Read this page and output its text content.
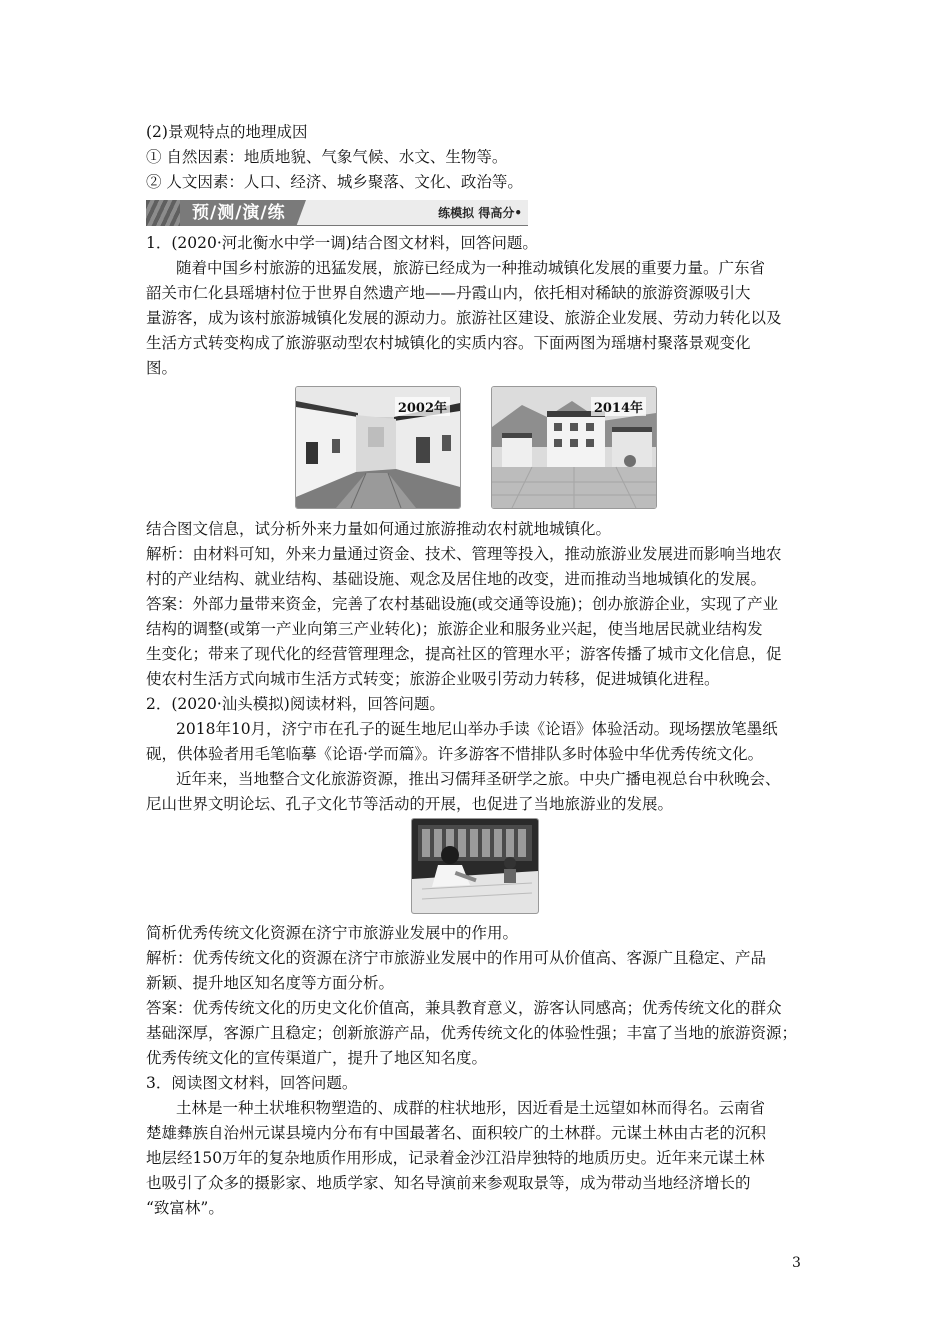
(2)景观特点的地理成因
① 自然因素：地质地貌、气象气候、水文、生物等。
② 人文因素：人口、经济、城乡聚落、文化、政治等。
预/测/演/练	练模拟 得高分•
1．(2020·河北衡水中学一调)结合图文材料，回答问题。
随着中国乡村旅游的迅猛发展，旅游已经成为一种推动城镇化发展的重要力量。广东省
韶关市仁化县瑶塘村位于世界自然遗产地——丹霞山内，依托相对稀缺的旅游资源吸引大
量游客，成为该村旅游城镇化发展的源动力。旅游社区建设、旅游企业发展、劳动力转化以及
生活方式转变构成了旅游驱动型农村城镇化的实质内容。下面两图为瑶塘村聚落景观变化
图。
2002年	2014年
结合图文信息，试分析外来力量如何通过旅游推动农村就地城镇化。
解析：由材料可知，外来力量通过资金、技术、管理等投入，推动旅游业发展进而影响当地农
村的产业结构、就业结构、基础设施、观念及居住地的改变，进而推动当地城镇化的发展。
答案：外部力量带来资金，完善了农村基础设施(或交通等设施)；创办旅游企业，实现了产业
结构的调整(或第一产业向第三产业转化)；旅游企业和服务业兴起，使当地居民就业结构发
生变化；带来了现代化的经营管理理念，提高社区的管理水平；游客传播了城市文化信息，促
使农村生活方式向城市生活方式转变；旅游企业吸引劳动力转移，促进城镇化进程。
2．(2020·汕头模拟)阅读材料，回答问题。
2018年10月，济宁市在孔子的诞生地尼山举办手读《论语》体验活动。现场摆放笔墨纸
砚，供体验者用毛笔临摹《论语·学而篇》。许多游客不惜排队多时体验中华优秀传统文化。
近年来，当地整合文化旅游资源，推出习儒拜圣研学之旅。中央广播电视总台中秋晚会、
尼山世界文明论坛、孔子文化节等活动的开展，也促进了当地旅游业的发展。
简析优秀传统文化资源在济宁市旅游业发展中的作用。
解析：优秀传统文化的资源在济宁市旅游业发展中的作用可从价值高、客源广且稳定、产品
新颖、提升地区知名度等方面分析。
答案：优秀传统文化的历史文化价值高，兼具教育意义，游客认同感高；优秀传统文化的群众
基础深厚，客源广且稳定；创新旅游产品，优秀传统文化的体验性强；丰富了当地的旅游资源；
优秀传统文化的宣传渠道广，提升了地区知名度。
3．阅读图文材料，回答问题。
土林是一种土状堆积物塑造的、成群的柱状地形，因近看是土远望如林而得名。云南省
楚雄彝族自治州元谋县境内分布有中国最著名、面积较广的土林群。元谋土林由古老的沉积
地层经150万年的复杂地质作用形成，记录着金沙江沿岸独特的地质历史。近年来元谋土林
也吸引了众多的摄影家、地质学家、知名导演前来参观取景等，成为带动当地经济增长的
“致富林”。
3
